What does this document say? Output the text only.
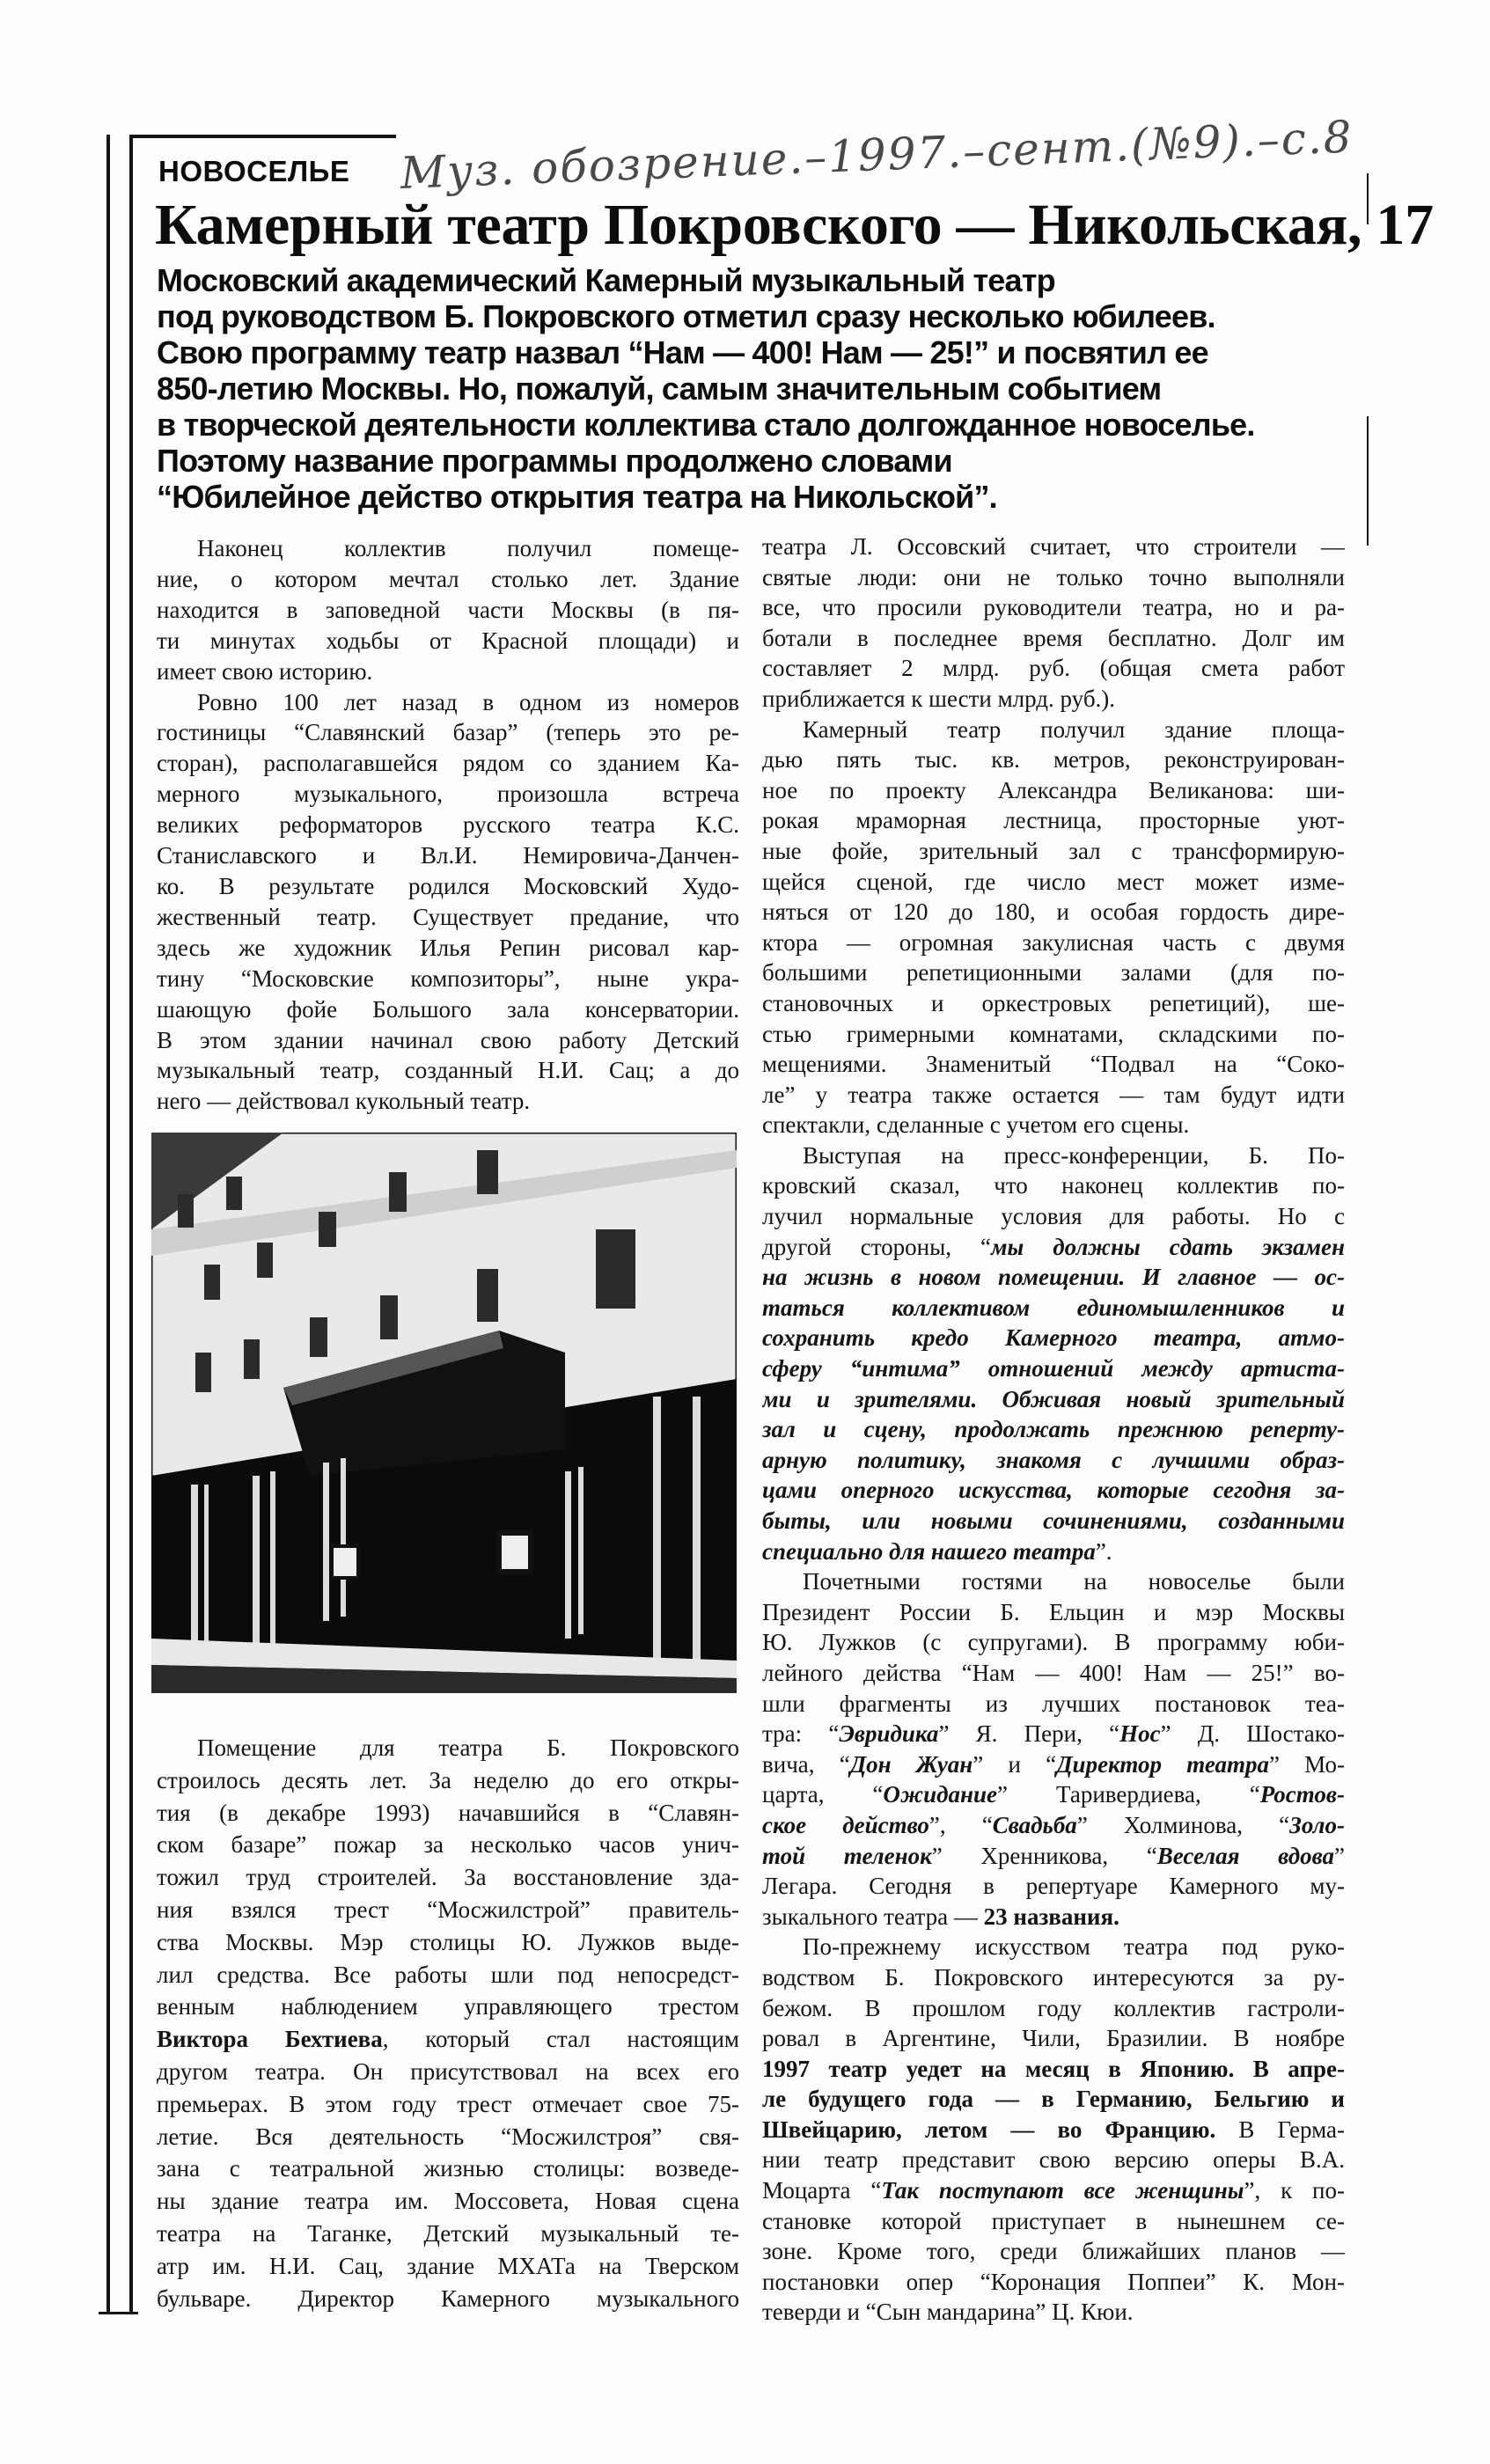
НОВОСЕЛЬЕ Муз. обозрение.–1997.–сент.(№9).–с.8
Камерный театр Покровского — Никольская, 17
Московский академический Камерный музыкальный театр
под руководством Б. Покровского отметил сразу несколько юбилеев.
Свою программу театр назвал “Нам — 400! Нам — 25!” и посвятил ее
850-летию Москвы. Но, пожалуй, самым значительным событием
в творческой деятельности коллектива стало долгожданное новоселье.
Поэтому название программы продолжено словами
“Юбилейное действо открытия театра на Никольской”.
Наконец коллектив получил помеще-
ние, о котором мечтал столько лет. Здание
находится в заповедной части Москвы (в пя-
ти минутах ходьбы от Красной площади) и
имеет свою историю.
Ровно 100 лет назад в одном из номеров
гостиницы “Славянский базар” (теперь это ре-
сторан), располагавшейся рядом со зданием Ка-
мерного музыкального, произошла встреча
великих реформаторов русского театра К.С.
Станиславского и Вл.И. Немировича-Данчен-
ко. В результате родился Московский Худо-
жественный театр. Существует предание, что
здесь же художник Илья Репин рисовал кар-
тину “Московские композиторы”, ныне укра-
шающую фойе Большого зала консерватории.
В этом здании начинал свою работу Детский
музыкальный театр, созданный Н.И. Сац; а до
него — действовал кукольный театр.
Помещение для театра Б. Покровского
строилось десять лет. За неделю до его откры-
тия (в декабре 1993) начавшийся в “Славян-
ском базаре” пожар за несколько часов унич-
тожил труд строителей. За восстановление зда-
ния взялся трест “Мосжилстрой” правитель-
ства Москвы. Мэр столицы Ю. Лужков выде-
лил средства. Все работы шли под непосредст-
венным наблюдением управляющего трестом
Виктора Бехтиева, который стал настоящим
другом театра. Он присутствовал на всех его
премьерах. В этом году трест отмечает свое 75-
летие. Вся деятельность “Мосжилстроя” свя-
зана с театральной жизнью столицы: возведе-
ны здание театра им. Моссовета, Новая сцена
театра на Таганке, Детский музыкальный те-
атр им. Н.И. Сац, здание МХАТа на Тверском
бульваре. Директор Камерного музыкального
театра Л. Оссовский считает, что строители —
святые люди: они не только точно выполняли
все, что просили руководители театра, но и ра-
ботали в последнее время бесплатно. Долг им
составляет 2 млрд. руб. (общая смета работ
приближается к шести млрд. руб.).
Камерный театр получил здание площа-
дью пять тыс. кв. метров, реконструирован-
ное по проекту Александра Великанова: ши-
рокая мраморная лестница, просторные уют-
ные фойе, зрительный зал с трансформирую-
щейся сценой, где число мест может изме-
няться от 120 до 180, и особая гордость дире-
ктора — огромная закулисная часть с двумя
большими репетиционными залами (для по-
становочных и оркестровых репетиций), ше-
стью гримерными комнатами, складскими по-
мещениями. Знаменитый “Подвал на “Соко-
ле” у театра также остается — там будут идти
спектакли, сделанные с учетом его сцены.
Выступая на пресс-конференции, Б. По-
кровский сказал, что наконец коллектив по-
лучил нормальные условия для работы. Но с
другой стороны, “мы должны сдать экзамен
на жизнь в новом помещении. И главное — ос-
таться коллективом единомышленников и
сохранить кредо Камерного театра, атмо-
сферу “интима” отношений между артиста-
ми и зрителями. Обживая новый зрительный
зал и сцену, продолжать прежнюю реперту-
арную политику, знакомя с лучшими образ-
цами оперного искусства, которые сегодня за-
быты, или новыми сочинениями, созданными
специально для нашего театра”.
Почетными гостями на новоселье были
Президент России Б. Ельцин и мэр Москвы
Ю. Лужков (с супругами). В программу юби-
лейного действа “Нам — 400! Нам — 25!” во-
шли фрагменты из лучших постановок теа-
тра: “Эвридика” Я. Пери, “Нос” Д. Шостако-
вича, “Дон Жуан” и “Директор театра” Мо-
царта, “Ожидание” Таривердиева, “Ростов-
ское действо”, “Свадьба” Холминова, “Золо-
той теленок” Хренникова, “Веселая вдова”
Легара. Сегодня в репертуаре Камерного му-
зыкального театра — 23 названия.
По-прежнему искусством театра под руко-
водством Б. Покровского интересуются за ру-
бежом. В прошлом году коллектив гастроли-
ровал в Аргентине, Чили, Бразилии. В ноябре
1997 театр уедет на месяц в Японию. В апре-
ле будущего года — в Германию, Бельгию и
Швейцарию, летом — во Францию. В Герма-
нии театр представит свою версию оперы В.А.
Моцарта “Так поступают все женщины”, к по-
становке которой приступает в нынешнем се-
зоне. Кроме того, среди ближайших планов —
постановки опер “Коронация Поппеи” К. Мон-
теверди и “Сын мандарина” Ц. Кюи.
